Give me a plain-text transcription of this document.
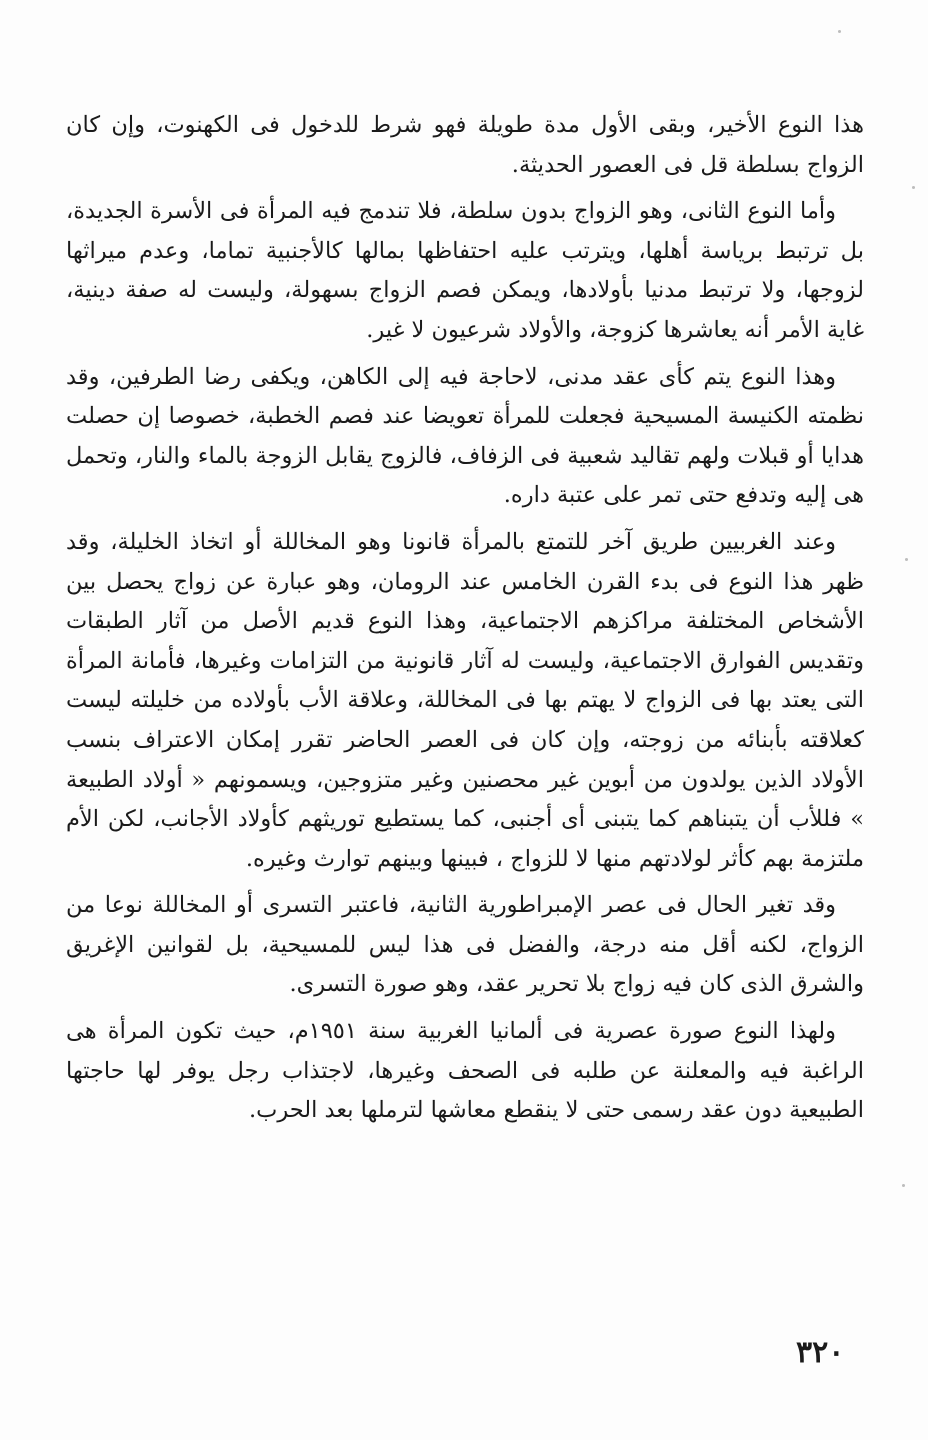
هذا النوع الأخير، وبقى الأول مدة طويلة فهو شرط للدخول فى الكهنوت، وإن كان الزواج بسلطة قل فى العصور الحديثة.

وأما النوع الثانى، وهو الزواج بدون سلطة، فلا تندمج فيه المرأة فى الأسرة الجديدة، بل ترتبط برياسة أهلها، ويترتب عليه احتفاظها بمالها كالأجنبية تماما، وعدم ميراثها لزوجها، ولا ترتبط مدنيا بأولادها، ويمكن فصم الزواج بسهولة، وليست له صفة دينية، غاية الأمر أنه يعاشرها كزوجة، والأولاد شرعيون لا غير.

وهذا النوع يتم كأى عقد مدنى، لاحاجة فيه إلى الكاهن، ويكفى رضا الطرفين، وقد نظمته الكنيسة المسيحية فجعلت للمرأة تعويضا عند فصم الخطبة، خصوصا إن حصلت هدايا أو قبلات ولهم تقاليد شعبية فى الزفاف، فالزوج يقابل الزوجة بالماء والنار، وتحمل هى إليه وتدفع حتى تمر على عتبة داره.

وعند الغربيين طريق آخر للتمتع بالمرأة قانونا وهو المخاللة أو اتخاذ الخليلة، وقد ظهر هذا النوع فى بدء القرن الخامس عند الرومان، وهو عبارة عن زواج يحصل بين الأشخاص المختلفة مراكزهم الاجتماعية، وهذا النوع قديم الأصل من آثار الطبقات وتقديس الفوارق الاجتماعية، وليست له آثار قانونية من التزامات وغيرها، فأمانة المرأة التى يعتد بها فى الزواج لا يهتم بها فى المخاللة، وعلاقة الأب بأولاده من خليلته ليست كعلاقته بأبنائه من زوجته، وإن كان فى العصر الحاضر تقرر إمكان الاعتراف بنسب الأولاد الذين يولدون من أبوين غير محصنين وغير متزوجين، ويسمونهم « أولاد الطبيعة » فللأب أن يتبناهم كما يتبنى أى أجنبى، كما يستطيع توريثهم كأولاد الأجانب، لكن الأم ملتزمة بهم كأثر لولادتهم منها لا للزواج ، فبينها وبينهم توارث وغيره.

وقد تغير الحال فى عصر الإمبراطورية الثانية، فاعتبر التسرى أو المخاللة نوعا من الزواج، لكنه أقل منه درجة، والفضل فى هذا ليس للمسيحية، بل لقوانين الإغريق والشرق الذى كان فيه زواج بلا تحرير عقد، وهو صورة التسرى.

ولهذا النوع صورة عصرية فى ألمانيا الغربية سنة ١٩٥١م، حيث تكون المرأة هى الراغبة فيه والمعلنة عن طلبه فى الصحف وغيرها، لاجتذاب رجل يوفر لها حاجتها الطبيعية دون عقد رسمى حتى لا ينقطع معاشها لترملها بعد الحرب.

٣٢٠
